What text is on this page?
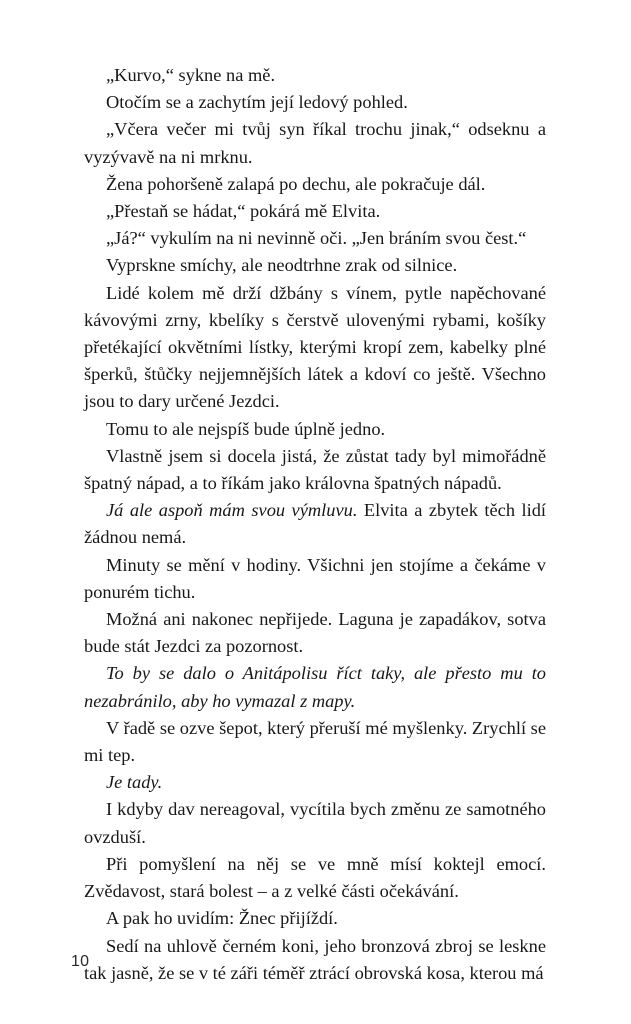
„Kurvo,“ sykne na mě.

Otočím se a zachytím její ledový pohled.

„Včera večer mi tvůj syn říkal trochu jinak,“ odseknu a vyzývavě na ni mrknu.

Žena pohoršeně zalapá po dechu, ale pokračuje dál.

„Přestaň se hádat,“ pokárá mě Elvita.

„Já?“ vykulím na ni nevinně oči. „Jen bráním svou čest.“

Vyprskne smíchy, ale neodtrhne zrak od silnice.

Lidé kolem mě drží džbány s vínem, pytle napěchované kávovými zrny, kbelíky s čerstvě ulovenými rybami, košíky přetékající okvětními lístky, kterými kropí zem, kabelky plné šperků, štůčky nejjemnějších látek a kdoví co ještě. Všechno jsou to dary určené Jezdci.

Tomu to ale nejspíš bude úplně jedno.

Vlastně jsem si docela jistá, že zůstat tady byl mimořádně špatný nápad, a to říkám jako královna špatných nápadů.

Já ale aspoň mám svou výmluvu. Elvita a zbytek těch lidí žádnou nemá.

Minuty se mění v hodiny. Všichni jen stojíme a čekáme v ponurém tichu.

Možná ani nakonec nepřijede. Laguna je zapadákov, sotva bude stát Jezdci za pozornost.

To by se dalo o Anitápolisu říct taky, ale přesto mu to nezabránilo, aby ho vymazal z mapy.

V řadě se ozve šepot, který přeruší mé myšlenky. Zrychlí se mi tep.

Je tady.

I kdyby dav nereagoval, vycítila bych změnu ze samotného ovzduší.

Při pomyšlení na něj se ve mně mísí koktejl emocí. Zvědavost, stará bolest – a z velké části očekávání.

A pak ho uvidím: Žnec přijíždí.

Sedí na uhlově černém koni, jeho bronzová zbroj se leskne tak jasně, že se v té záři téměř ztrácí obrovská kosa, kterou má

10
